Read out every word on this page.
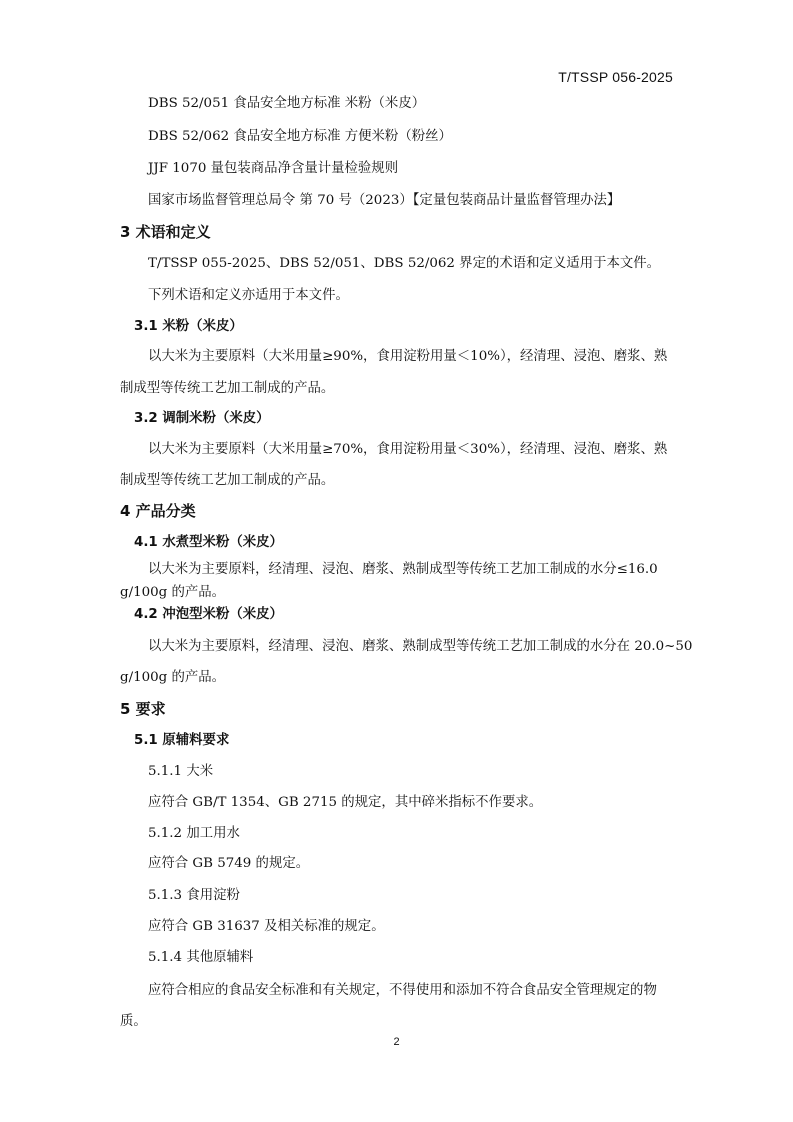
T/TSSP 056-2025
DBS 52/051 食品安全地方标准 米粉（米皮）
DBS 52/062 食品安全地方标准 方便米粉（粉丝）
JJF 1070 量包装商品净含量计量检验规则
国家市场监督管理总局令 第 70 号（2023）【定量包装商品计量监督管理办法】
3 术语和定义
T/TSSP 055-2025、DBS 52/051、DBS 52/062 界定的术语和定义适用于本文件。
下列术语和定义亦适用于本文件。
3.1 米粉（米皮）
以大米为主要原料（大米用量≥90%，食用淀粉用量＜10%），经清理、浸泡、磨浆、熟
制成型等传统工艺加工制成的产品。
3.2 调制米粉（米皮）
以大米为主要原料（大米用量≥70%，食用淀粉用量＜30%），经清理、浸泡、磨浆、熟
制成型等传统工艺加工制成的产品。
4 产品分类
4.1 水煮型米粉（米皮）
以大米为主要原料，经清理、浸泡、磨浆、熟制成型等传统工艺加工制成的水分≤16.0
g/100g 的产品。
4.2 冲泡型米粉（米皮）
以大米为主要原料，经清理、浸泡、磨浆、熟制成型等传统工艺加工制成的水分在 20.0~50
g/100g 的产品。
5 要求
5.1 原辅料要求
5.1.1 大米
应符合 GB/T 1354、GB 2715 的规定，其中碎米指标不作要求。
5.1.2 加工用水
应符合 GB 5749 的规定。
5.1.3 食用淀粉
应符合 GB 31637 及相关标准的规定。
5.1.4 其他原辅料
应符合相应的食品安全标准和有关规定，不得使用和添加不符合食品安全管理规定的物
质。
2
